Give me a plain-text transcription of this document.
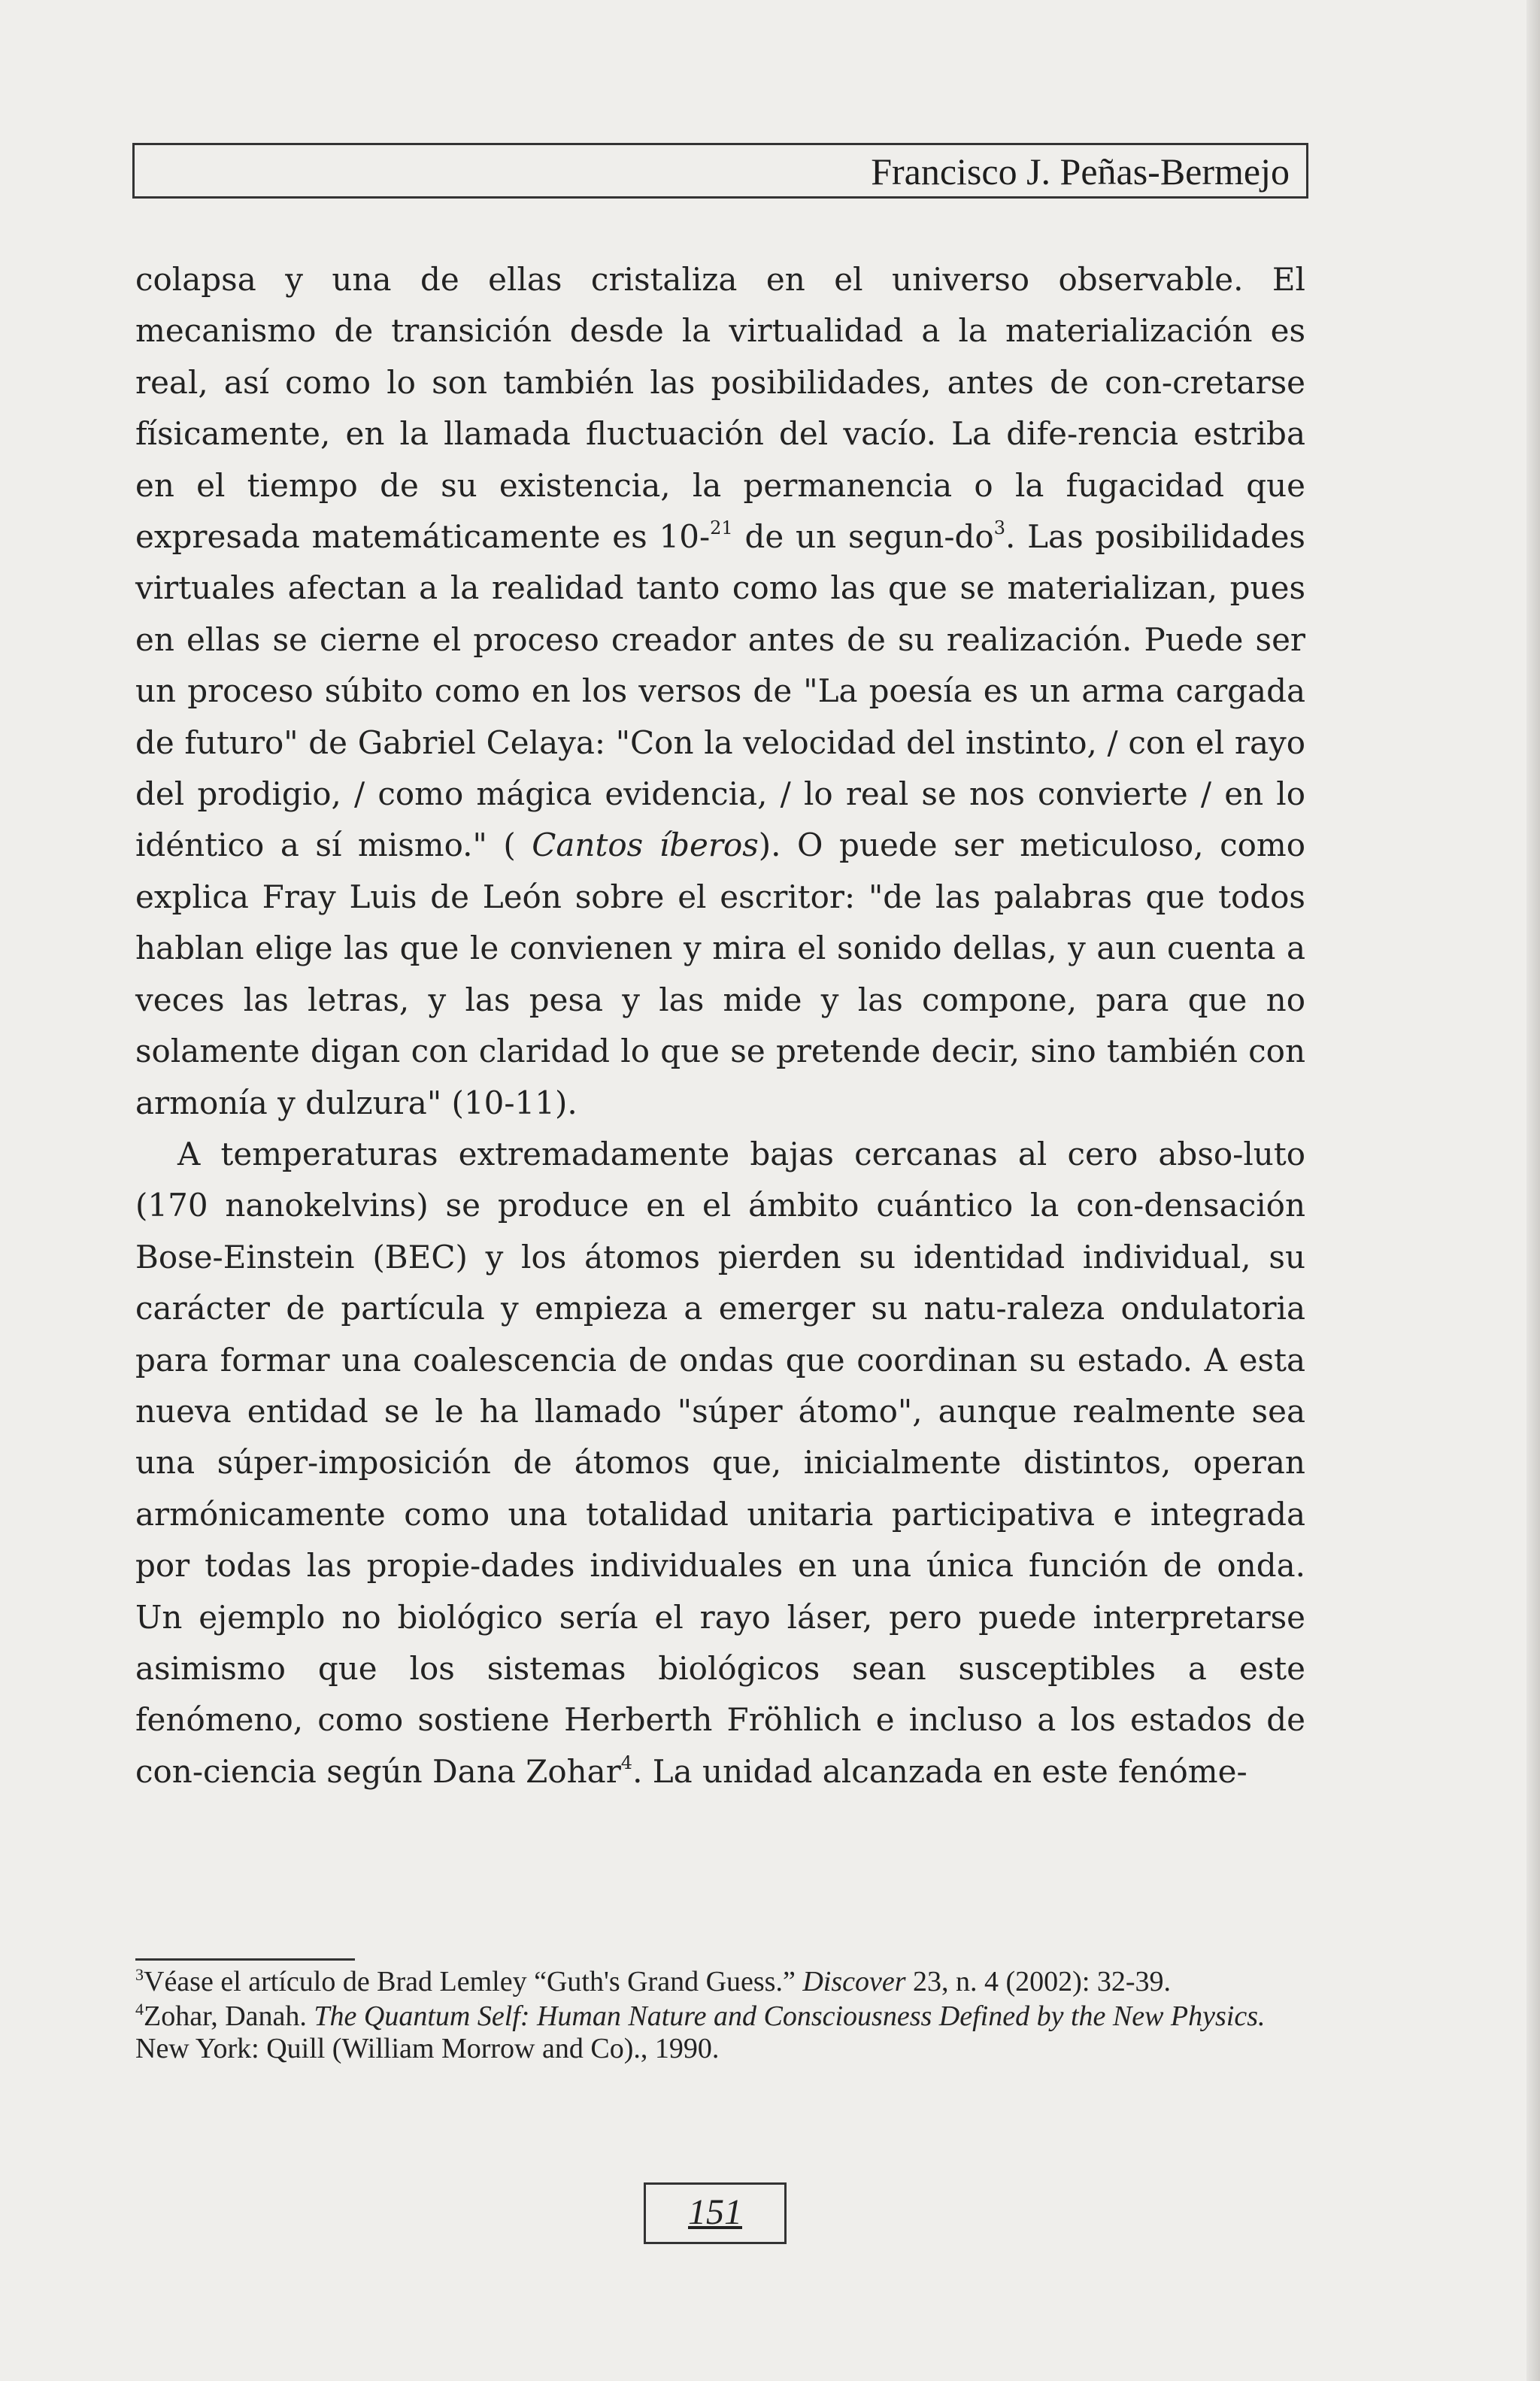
Francisco J. Peñas-Bermejo

colapsa y una de ellas cristaliza en el universo observable. El mecanismo de transición desde la virtualidad a la materialización es real, así como lo son también las posibilidades, antes de con-cretarse físicamente, en la llamada fluctuación del vacío. La dife-rencia estriba en el tiempo de su existencia, la permanencia o la fugacidad que expresada matemáticamente es 10-$^{21}$ de un segun-$do^3$. Las posibilidades virtuales afectan a la realidad tanto como las que se materializan, pues en ellas se cierne el proceso creador antes de su realización. Puede ser un proceso súbito como en los versos de "La poesía es un arma cargada de futuro" de Gabriel Celaya: "Con la velocidad del instinto, / con el rayo del prodigio, / como mágica evidencia, / lo real se nos convierte / en lo idéntico a sí mismo." ( Cantos íberos). O puede ser meticuloso, como explica Fray Luis de León sobre el escritor: "de las palabras que todos hablan elige las que le convienen y mira el sonido dellas, y aun cuenta a veces las letras, y las pesa y las mide y las compone, para que no solamente digan con claridad lo que se pretende decir, sino también con armonía y dulzura" (10-11).

A temperaturas extremadamente bajas cercanas al cero abso-luto (170 nanokelvins) se produce en el ámbito cuántico la con-densación Bose-Einstein (BEC) y los átomos pierden su identidad individual, su carácter de partícula y empieza a emerger su natu-raleza ondulatoria para formar una coalescencia de ondas que coordinan su estado. A esta nueva entidad se le ha llamado "súper átomo", aunque realmente sea una súper-imposición de átomos que, inicialmente distintos, operan armónicamente como una totalidad unitaria participativa e integrada por todas las propie-dades individuales en una única función de onda. Un ejemplo no biológico sería el rayo láser, pero puede interpretarse asimismo que los sistemas biológicos sean susceptibles a este fenómeno, como sostiene Herberth Fröhlich e incluso a los estados de con-ciencia según Dana Zohar$^4$. La unidad alcanzada en este fenóme-

$^3$Véase el artículo de Brad Lemley “Guth's Grand Guess.” Discover 23, n. 4 (2002): 32-39.

$^4$Zohar, Danah. The Quantum Self: Human Nature and Consciousness Defined by the New Physics. New York: Quill (William Morrow and Co)., 1990.

151
